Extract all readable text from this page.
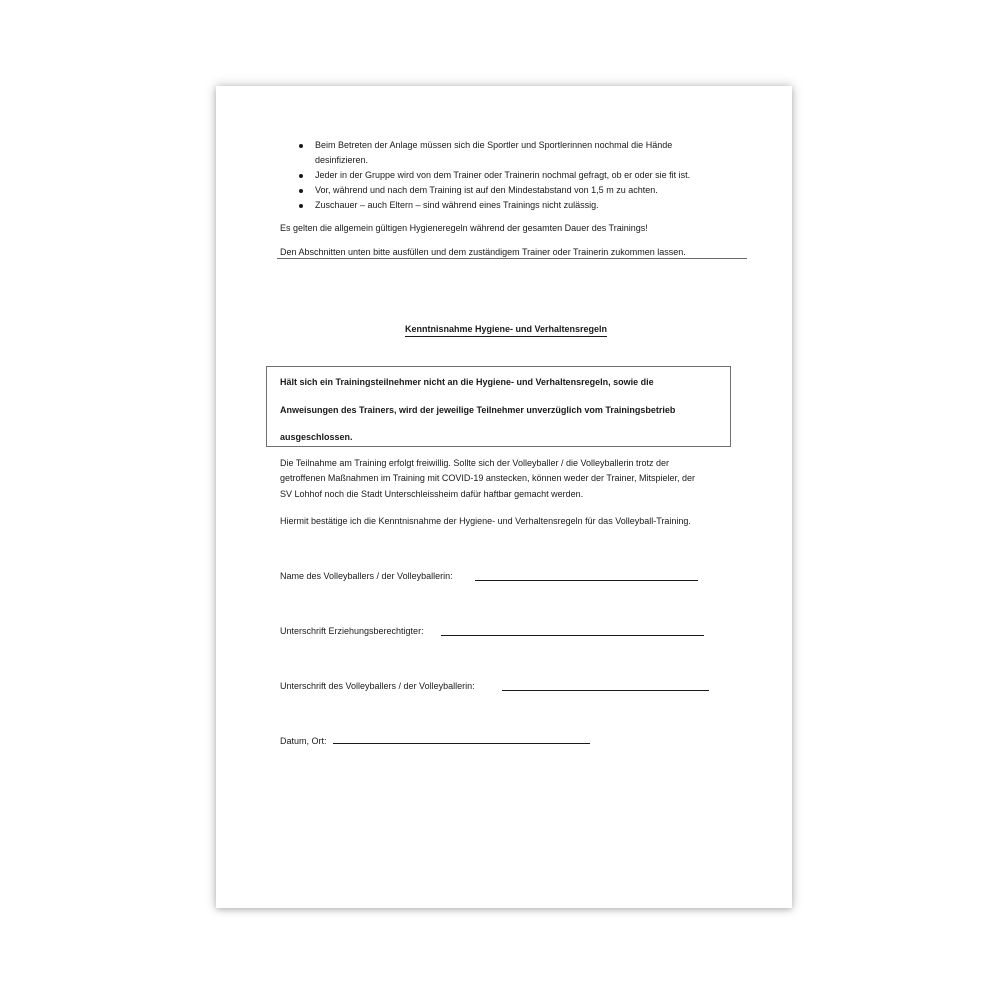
Beim Betreten der Anlage müssen sich die Sportler und Sportlerinnen nochmal die Hände
desinfizieren.
Jeder in der Gruppe wird von dem Trainer oder Trainerin nochmal gefragt, ob er oder sie fit ist.
Vor, während und nach dem Training ist auf den Mindestabstand von 1,5 m zu achten.
Zuschauer – auch Eltern – sind während eines Trainings nicht zulässig.
Es gelten die allgemein gültigen Hygieneregeln während der gesamten Dauer des Trainings!
Den Abschnitten unten bitte ausfüllen und dem zuständigem Trainer oder Trainerin zukommen lassen.
Kenntnisnahme Hygiene- und Verhaltensregeln
Hält sich ein Trainingsteilnehmer nicht an die Hygiene- und Verhaltensregeln, sowie die
Anweisungen des Trainers, wird der jeweilige Teilnehmer unverzüglich vom Trainingsbetrieb
ausgeschlossen.
Die Teilnahme am Training erfolgt freiwillig. Sollte sich der Volleyballer / die Volleyballerin trotz der
getroffenen Maßnahmen im Training mit COVID-19 anstecken, können weder der Trainer, Mitspieler, der
SV Lohhof noch die Stadt Unterschleissheim dafür haftbar gemacht werden.
Hiermit bestätige ich die Kenntnisnahme der Hygiene- und Verhaltensregeln für das Volleyball-Training.
Name des Volleyballers / der Volleyballerin:
Unterschrift Erziehungsberechtigter:
Unterschrift des Volleyballers / der Volleyballerin:
Datum, Ort:
